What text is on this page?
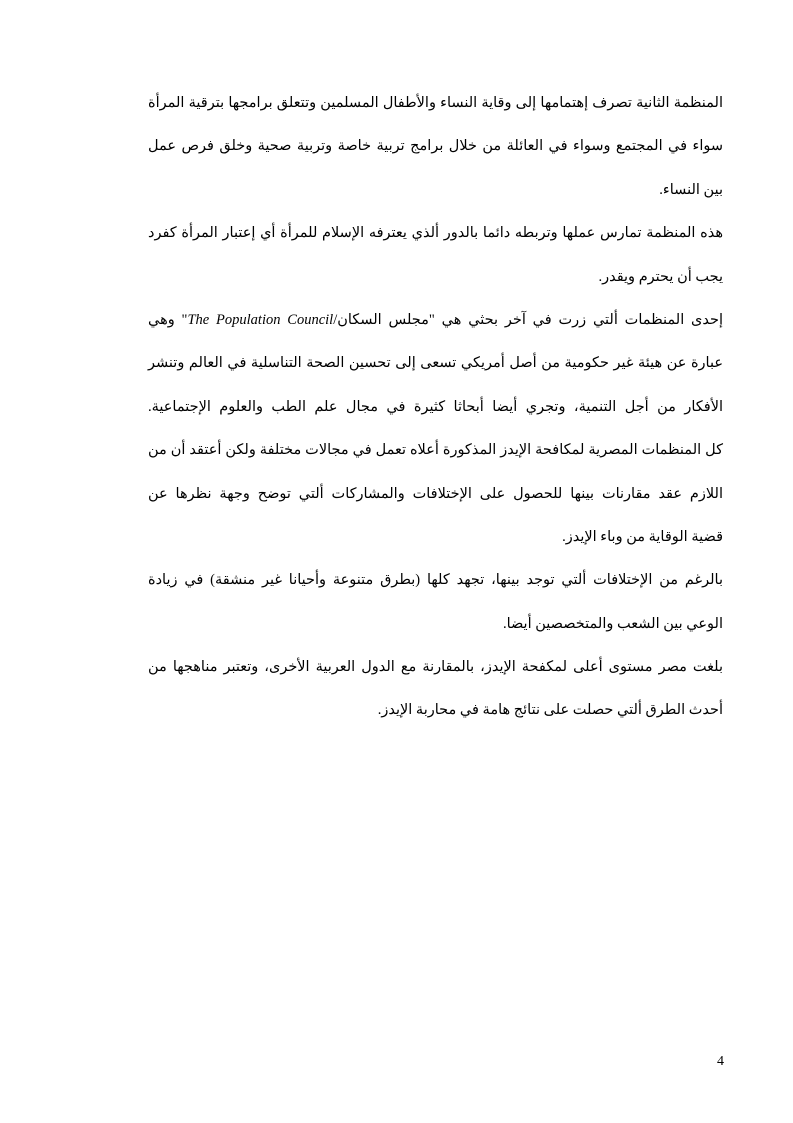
المنظمة الثانية تصرف إهتمامها إلى وقاية النساء والأطفال المسلمين وتتعلق برامجها بترقية المرأة
سواء في المجتمع وسواء في العائلة من خلال برامج تربية خاصة وتربية صحية وخلق فرص عمل
بين النساء.
هذه المنظمة تمارس عملها وتربطه دائما بالدور ألذي يعترفه الإسلام للمرأة أي إعتبار المرأة كفرد
يجب أن يحترم ويقدر.
إحدى المنظمات ألتي زرت في آخر بحثي هي "مجلس السكان/The Population Council" وهي
عبارة عن هيئة غير حكومية من أصل أمريكي تسعى إلى تحسين الصحة التناسلية في العالم وتنشر
الأفكار من أجل التنمية، وتجري أيضا أبحاثا كثيرة في مجال علم الطب والعلوم الإجتماعية.
كل المنظمات المصرية لمكافحة الإيدز المذكورة أعلاه تعمل في مجالات مختلفة ولكن أعتقد أن من
اللازم عقد مقارنات بينها للحصول على الإختلافات والمشاركات ألتي توضح وجهة نظرها عن
قضية الوقاية من وباء الإيدز.
بالرغم من الإختلافات ألتي توجد بينها، تجهد كلها (بطرق متنوعة وأحيانا غير منشقة) في زيادة
الوعي بين الشعب والمتخصصين أيضا.
بلغت مصر مستوى أعلى لمكفحة الإيدز، بالمقارنة مع الدول العربية الأخرى، وتعتبر مناهجها من
أحدث الطرق ألتي حصلت على نتائج هامة في محاربة الإيدز.
4
